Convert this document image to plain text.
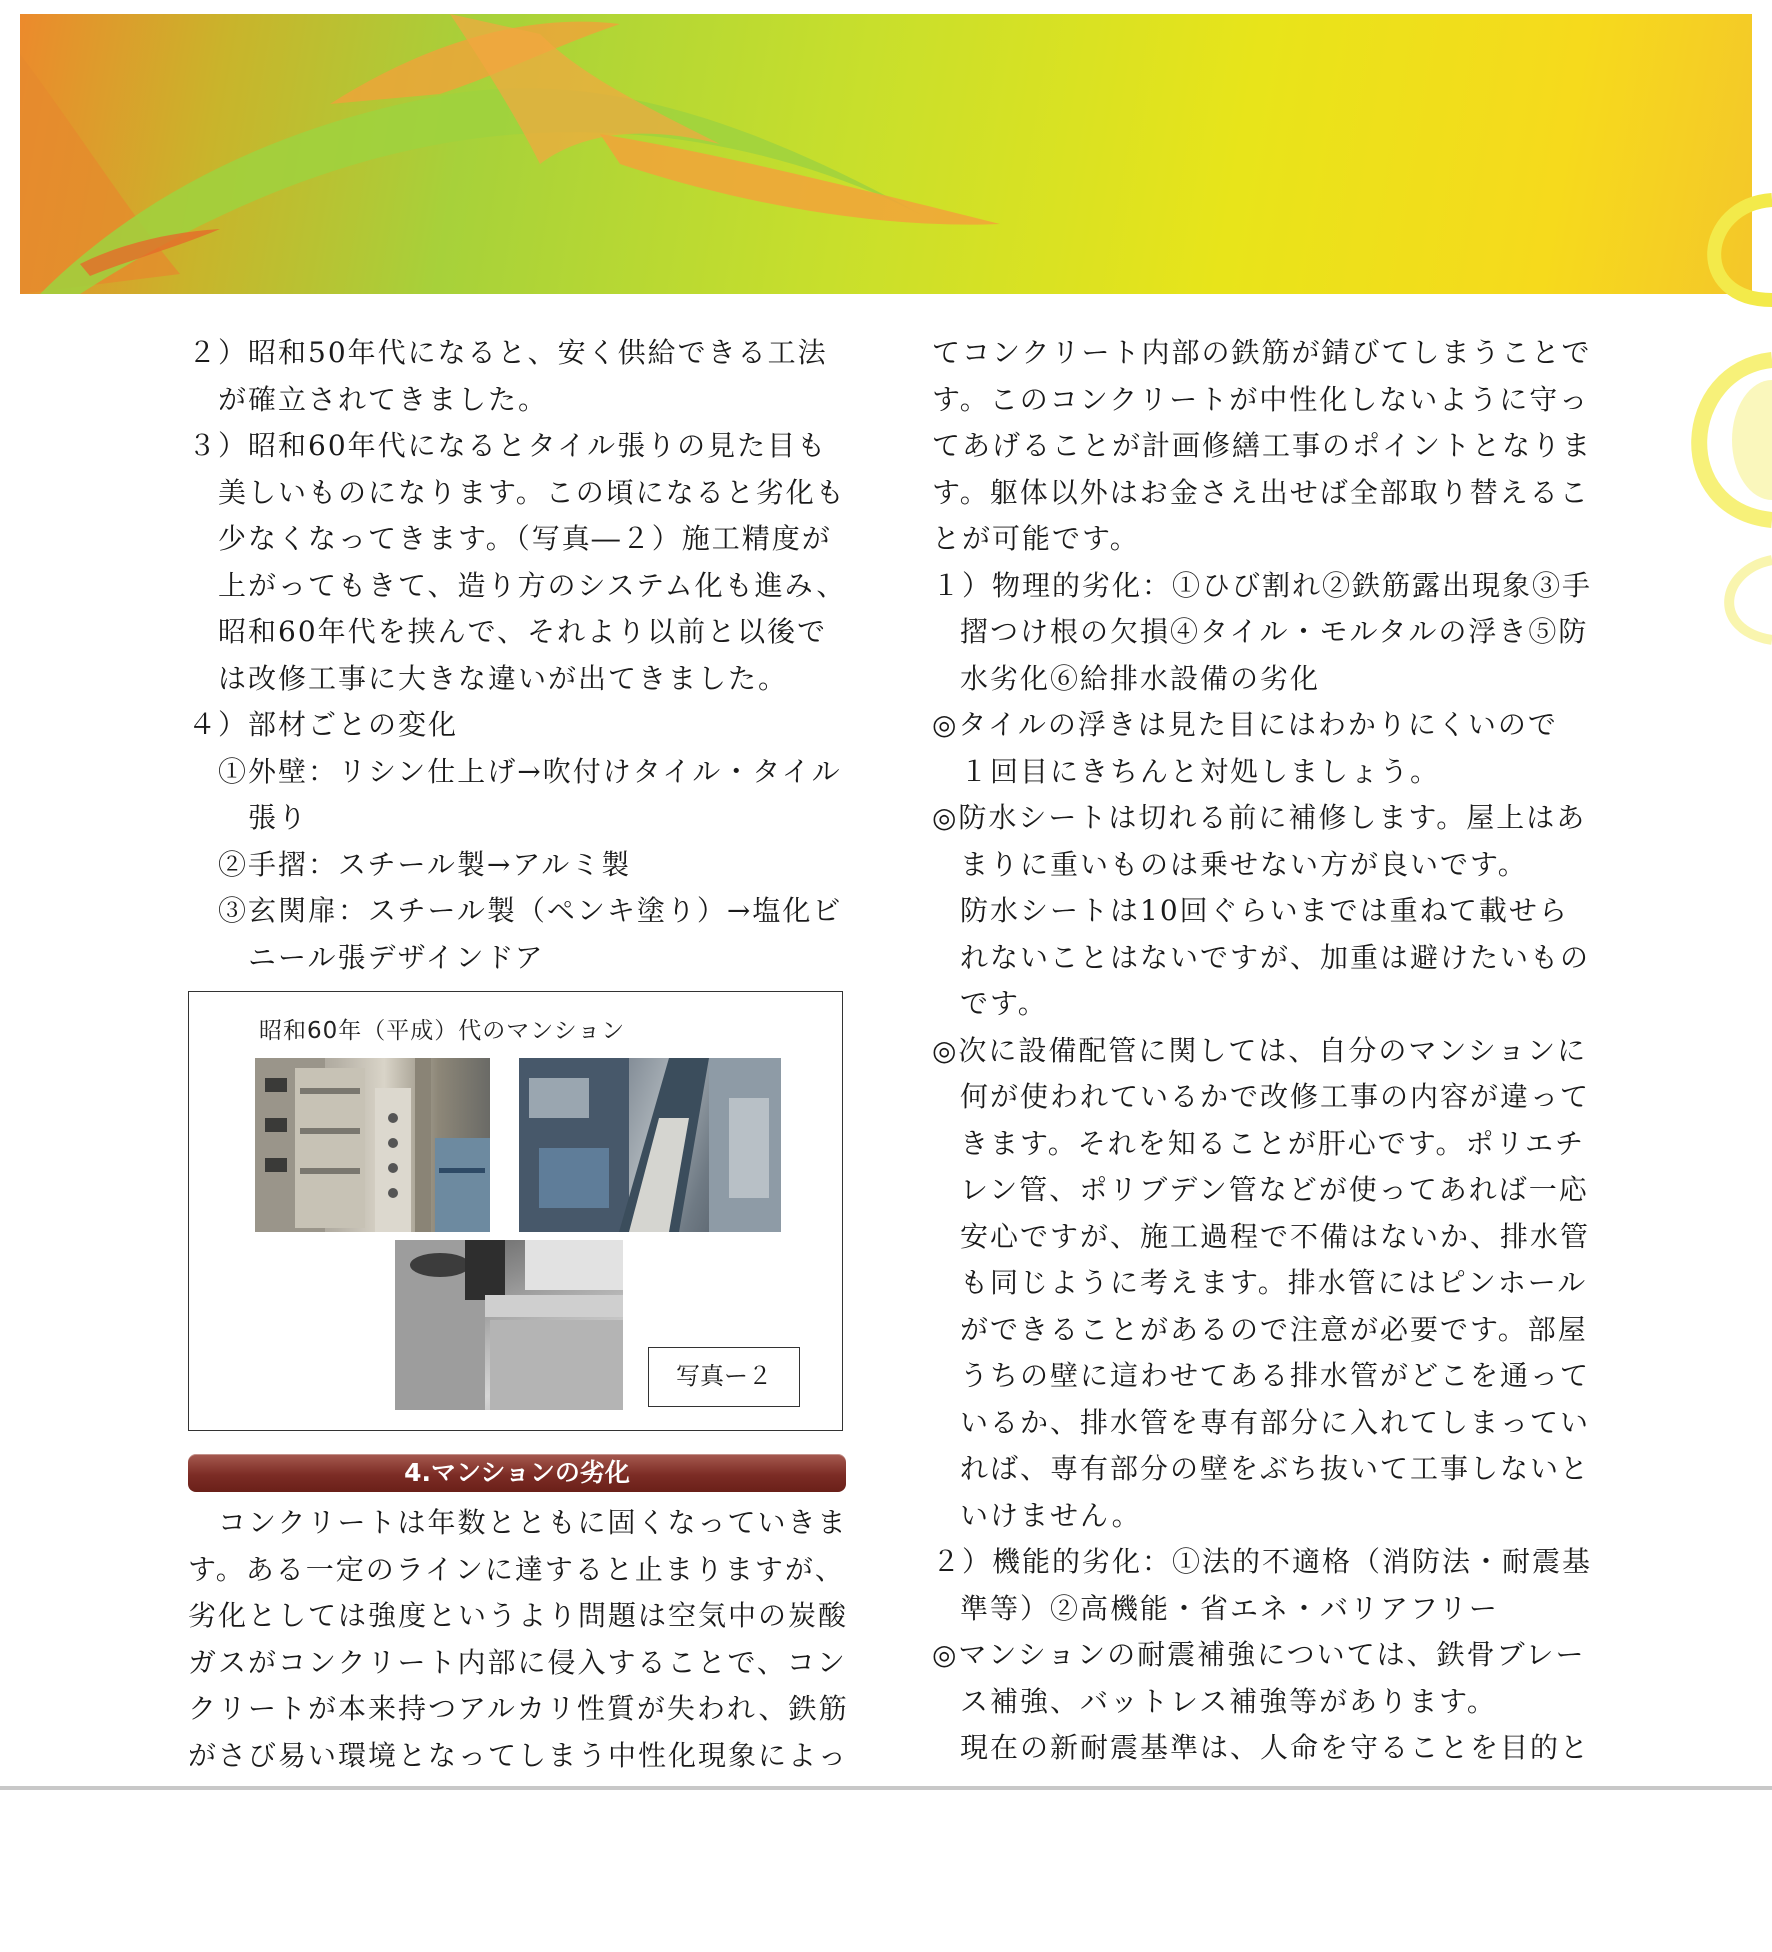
２）昭和50年代になると、安く供給できる工法
が確立されてきました。
３）昭和60年代になるとタイル張りの見た目も
美しいものになります。この頃になると劣化も
少なくなってきます。（写真―２）施工精度が
上がってもきて、造り方のシステム化も進み、
昭和60年代を挟んで、それより以前と以後で
は改修工事に大きな違いが出てきました。
４）部材ごとの変化
①外壁：リシン仕上げ→吹付けタイル・タイル
張り
②手摺：スチール製→アルミ製
③玄関扉：スチール製（ペンキ塗り）→塩化ビ
ニール張デザインドア
昭和60年（平成）代のマンション
写真ー２
4.マンションの劣化
　コンクリートは年数とともに固くなっていきま
す。ある一定のラインに達すると止まりますが、
劣化としては強度というより問題は空気中の炭酸
ガスがコンクリート内部に侵入することで、コン
クリートが本来持つアルカリ性質が失われ、鉄筋
がさび易い環境となってしまう中性化現象によっ
てコンクリート内部の鉄筋が錆びてしまうことで
す。このコンクリートが中性化しないように守っ
てあげることが計画修繕工事のポイントとなりま
す。躯体以外はお金さえ出せば全部取り替えるこ
とが可能です。
１）物理的劣化：①ひび割れ②鉄筋露出現象③手
摺つけ根の欠損④タイル・モルタルの浮き⑤防
水劣化⑥給排水設備の劣化
◎タイルの浮きは見た目にはわかりにくいので
１回目にきちんと対処しましょう。
◎防水シートは切れる前に補修します。屋上はあ
まりに重いものは乗せない方が良いです。
防水シートは10回ぐらいまでは重ねて載せら
れないことはないですが、加重は避けたいもの
です。
◎次に設備配管に関しては、自分のマンションに
何が使われているかで改修工事の内容が違って
きます。それを知ることが肝心です。ポリエチ
レン管、ポリブデン管などが使ってあれば一応
安心ですが、施工過程で不備はないか、排水管
も同じように考えます。排水管にはピンホール
ができることがあるので注意が必要です。部屋
うちの壁に這わせてある排水管がどこを通って
いるか、排水管を専有部分に入れてしまってい
れば、専有部分の壁をぶち抜いて工事しないと
いけません。
２）機能的劣化：①法的不適格（消防法・耐震基
準等）②高機能・省エネ・バリアフリー
◎マンションの耐震補強については、鉄骨ブレー
ス補強、バットレス補強等があります。
現在の新耐震基準は、人命を守ることを目的と
